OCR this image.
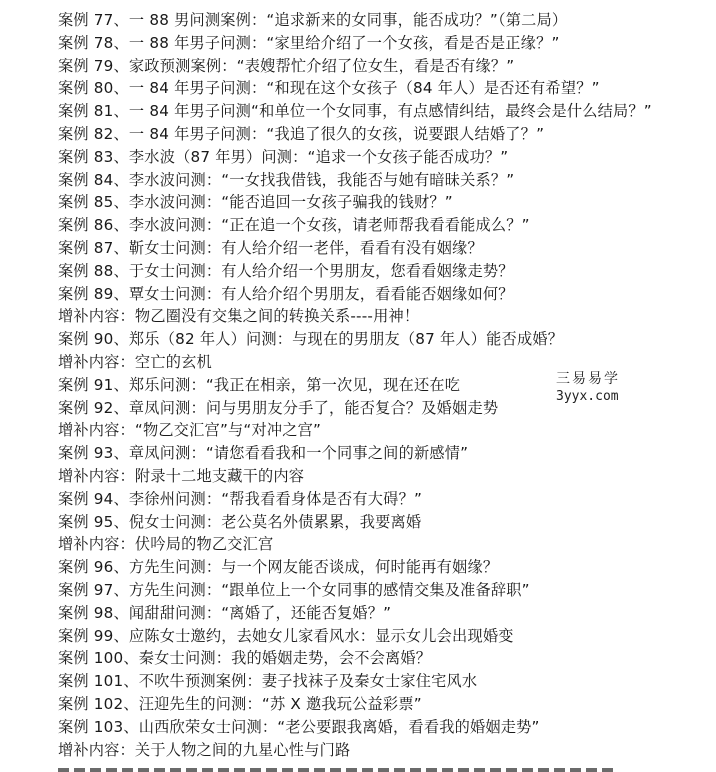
案例 77、一 88 男问测案例：“追求新来的女同事，能否成功？”（第二局）
案例 78、一 88 年男子问测：“家里给介绍了一个女孩，看是否是正缘？”
案例 79、家政预测案例：“表嫂帮忙介绍了位女生，看是否有缘？”
案例 80、一 84 年男子问测：“和现在这个女孩子（84 年人）是否还有希望？”
案例 81、一 84 年男子问测“和单位一个女同事，有点感情纠结，最终会是什么结局？”
案例 82、一 84 年男子问测：“我追了很久的女孩，说要跟人结婚了？”
案例 83、李水波（87 年男）问测：“追求一个女孩子能否成功？”
案例 84、李水波问测：“一女找我借钱，我能否与她有暗昧关系？”
案例 85、李水波问测：“能否追回一女孩子骗我的钱财？”
案例 86、李水波问测：“正在追一个女孩，请老师帮我看看能成么？”
案例 87、靳女士问测：有人给介绍一老伴，看看有没有姻缘？
案例 88、于女士问测：有人给介绍一个男朋友，您看看姻缘走势？
案例 89、覃女士问测：有人给介绍个男朋友，看看能否姻缘如何？
增补内容：物乙圈没有交集之间的转换关系----用神！
案例 90、郑乐（82 年人）问测：与现在的男朋友（87 年人）能否成婚？
增补内容：空亡的玄机
案例 91、郑乐问测：“我正在相亲，第一次见，现在还在吃
案例 92、章凤问测：问与男朋友分手了，能否复合？及婚姻走势
增补内容：“物乙交汇宫”与“对冲之宫”
案例 93、章凤问测：“请您看看我和一个同事之间的新感情”
增补内容：附录十二地支藏干的内容
案例 94、李徐州问测：“帮我看看身体是否有大碍？”
案例 95、倪女士问测：老公莫名外债累累，我要离婚
增补内容：伏吟局的物乙交汇宫
案例 96、方先生问测：与一个网友能否谈成，何时能再有姻缘？
案例 97、方先生问测：“跟单位上一个女同事的感情交集及准备辞职”
案例 98、闻甜甜问测：“离婚了，还能否复婚？”
案例 99、应陈女士邀约，去她女儿家看风水：显示女儿会出现婚变
案例 100、秦女士问测：我的婚姻走势，会不会离婚？
案例 101、不吹牛预测案例：妻子找袜子及秦女士家住宅风水
案例 102、汪迎先生的问测：“苏 X 邀我玩公益彩票”
案例 103、山西欣荣女士问测：“老公要跟我离婚，看看我的婚姻走势”
增补内容：关于人物之间的九星心性与门路
三易易学
3yyx.com
